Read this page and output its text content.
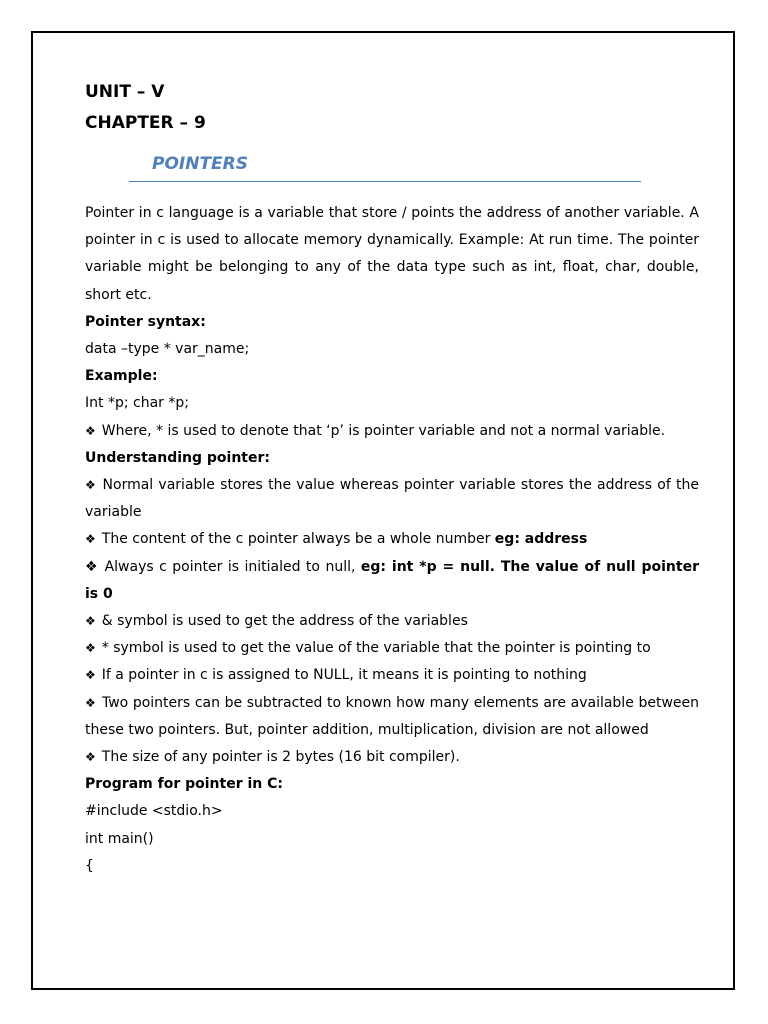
UNIT – V
CHAPTER – 9
POINTERS

Pointer in c language is a variable that store / points the address of another variable. A pointer in c is used to allocate memory dynamically. Example: At run time. The pointer variable might be belonging to any of the data type such as int, float, char, double, short etc.

Pointer syntax:

data –type * var_name;

Example:

Int *p; char *p;

❖ Where, * is used to denote that ‘p’ is pointer variable and not a normal variable.

Understanding pointer:

❖ Normal variable stores the value whereas pointer variable stores the address of the variable

❖ The content of the c pointer always be a whole number eg: address

❖ Always c pointer is initialed to null, eg: int *p = null. The value of null pointer is 0

❖ & symbol is used to get the address of the variables

❖ * symbol is used to get the value of the variable that the pointer is pointing to

❖ If a pointer in c is assigned to NULL, it means it is pointing to nothing

❖ Two pointers can be subtracted to known how many elements are available between these two pointers. But, pointer addition, multiplication, division are not allowed

❖ The size of any pointer is 2 bytes (16 bit compiler).

Program for pointer in C:

#include <stdio.h>

int main()

{
